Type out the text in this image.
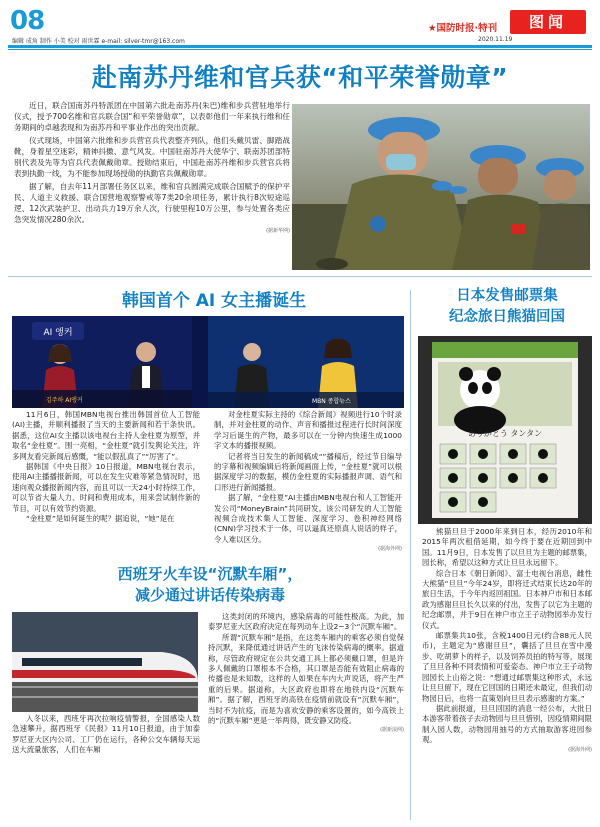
08
编辑 成角 制作 小美 校对 雨世霖 e-mail: silver-tmr@163.com
★国防时报·特刊
2020.11.19
图闻
赴南苏丹维和官兵获“和平荣誉勋章”

近日，联合国南苏丹特派团在中国第六批赴南苏丹(朱巴)维和步兵营驻地举行仪式，授予700名维和官兵联合国“和平荣誉勋章”，以表彰他们一年来执行维和任务期间的卓越表现和为南苏丹和平事业作出的突出贡献。

仪式现场，中国第六批维和步兵营官兵代表整齐列队，他们头戴贝雷、脚踏战靴，身着星空迷彩，精神抖擞、意气风发。中国驻南苏丹大使华宁、联南苏团部特别代表及先等为官兵代表佩戴勋章。授勋结束后，中国赴南苏丹维和步兵营官兵将表到执勤一线，为不能参加现场授勋的执勤官兵佩戴勋章。

据了解，自去年11月部署任务区以来，维和官兵圆满完成联合国赋予的保护平民、人道主义救援、联合国营地观察警戒等7类20余项任务，累计执行8次短途巡逻、12次武装护卫、出动兵力19万余人次，行驶里程10万公里，参与处置各类应急突发情况280余次。

(据新华网)
韩国首个 AI 女主播诞生
AI 앵커
김주하 AI앵커	MBN 종합뉴스

11月6日，韩国MBN电视台推出韩国首位人工智能(AI)主播，并顺利播报了当天的主要新闻和若干条快讯。据悉，这位AI女主播以该电视台主持人金柱夏为原型，并取名“金柱夏”。围一亮相，“金柱夏”就引发舆论关注，许多网友看完新闻后感慨，“能以假乱真了”“厉害了”。

据韩国《中央日报》10日报道，MBN电视台表示，使用AI主播播报新闻，可以在发生灾难等紧急情况时，迅速向观众播报新闻内容，而且可以一天24小时持续工作，可以节省大量人力、时间和费用成本，用来尝试制作新的节目，可以有效节约资源。

“金柱夏”是如何诞生的呢？据追说，“她”是在

对金柱夏实际主持的《综合新闻》视频进行10个时录制，并对金柱夏的动作、声音和播报过程进行长时间深度学习后诞生的产物，最多可以在一分钟内快速生成1000字文本的播报视频。

记者将当日发生的新闻稿成“”播稿后，经过节目编导的字幕和视频编辑后将新闻画面上传，“金柱夏”就可以根据深度学习的数据，模仿金柱夏的实际播报声调、语气和口形进行新闻播报。

据了解，“金柱夏”AI主播由MBN电视台和人工智能开发公司“MoneyBrain”共同研发。该公司研发的人工智能视频合成技术集人工智能、深度学习、卷积神经网络(CNN)学习技术于一体，可以逼真还原真人说话的样子，令人难以区分。

(据海外网)
日本发售邮票集
纪念旅日熊猫回国
ありがとう タンタン

熊猫旦旦于2000年来到日本，经历2010年和2015年两次租借延期，如今终于要在近期回到中国。11月9日，日本发售了以旦旦为主题的邮票集，园长称，希望以这种方式让旦旦永远留下。

综合日本《朝日新闻》、富士电视台消息，雌性大熊猫“旦旦”今年24岁，即将迁式结束长达20年的旅日生活，于今年内返回祖国。日本神户市和日本邮政为感谢旦旦长久以来的付出，发售了以它为主题的纪念邮票，并于9日在神户市立王子动物园举办发行仪式。

邮票集共10张，含税1400日元(约合88元人民币)，主题定为“感谢旦旦”，囊括了旦旦在雪中漫步、吃胡萝卜的样子，以及饲养员拍的特写等，展现了旦旦各种不同表情和可爱姿态。神户市立王子动物园园长上山裕之说：“想通过邮票集这种形式，永远让旦旦留下，现在它回国的日期还未最定，但我们动物园日后，也将一直策划向旦旦表示感谢的方案。”

据此前报道，旦旦回国的消息一经公布，大批日本游客带着孩子去动物园与旦旦惜别，因疫情期间限制入园人数，动物园用抽号的方式抽取游客进园参观。

(据海外网)
西班牙火车设“沉默车厢”，
减少通过讲话传染病毒

入冬以来，西班牙再次拉响疫情警报，全国感染人数急速攀升，据西班牙《民报》11月10日报道，由于加泰罗尼亚大区内公司、工厂仍在运行，各种公交车辆每天运送大流量旅客，人们在车厢

这类封闭的环境内，感染病毒的可能性极高。为此，加泰罗尼亚大区政府决定在每列动车上设2~3个“沉默车厢”。

所谓“沉默车厢”是指，在这类车厢内的乘客必须自觉保持沉默，来降低通过讲话产生的飞沫传染病毒的概率。据道称，尽管政府规定在公共交通工具上都必须戴口罩，但是许多人佩戴的口罩根本不合格，其口罩是否能有效阻止病毒的传播也是未知数，这样的人如果在车内大声说话，将产生严重的后果。据道称，大区政府也即将在地铁内设“沉默车厢”。据了解，西班牙的高铁在疫情前就设有“沉默车厢”，当时不为抗疫，而是为喜欢安静的乘客设置的，如今高铁上的“沉默车厢”更是一举两得，既安静又防疫。

(据新浪网)
